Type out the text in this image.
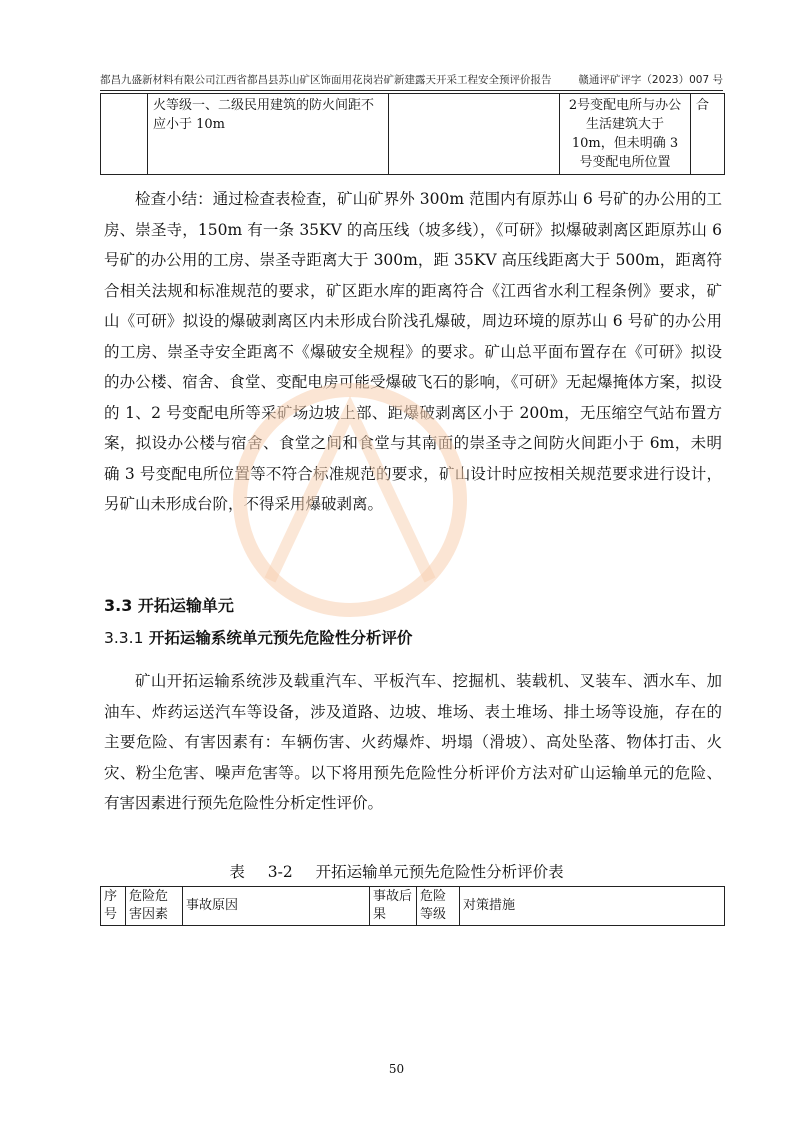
都昌九盛新材料有限公司江西省都昌县苏山矿区饰面用花岗岩矿新建露天开采工程安全预评价报告	赣通评矿评字（2023）007 号
	火等级一、二级民用建筑的防火间距不应小于 10m		2号变配电所与办公生活建筑大于 10m，但未明确 3 号变配电所位置	合
检查小结：通过检查表检查，矿山矿界外 300m 范围内有原苏山 6 号矿的办公用的工房、崇圣寺，150m 有一条 35KV 的高压线（坡多线），《可研》拟爆破剥离区距原苏山 6 号矿的办公用的工房、崇圣寺距离大于 300m，距 35KV 高压线距离大于 500m，距离符合相关法规和标准规范的要求，矿区距水库的距离符合《江西省水利工程条例》要求，矿山《可研》拟设的爆破剥离区内未形成台阶浅孔爆破，周边环境的原苏山 6 号矿的办公用的工房、崇圣寺安全距离不《爆破安全规程》的要求。矿山总平面布置存在《可研》拟设的办公楼、宿舍、食堂、变配电房可能受爆破飞石的影响，《可研》无起爆掩体方案，拟设的 1、2 号变配电所等采矿场边坡上部、距爆破剥离区小于 200m，无压缩空气站布置方案，拟设办公楼与宿舍、食堂之间和食堂与其南面的崇圣寺之间防火间距小于 6m，未明确 3 号变配电所位置等不符合标准规范的要求，矿山设计时应按相关规范要求进行设计，另矿山未形成台阶，不得采用爆破剥离。
3.3 开拓运输单元
3.3.1 开拓运输系统单元预先危险性分析评价
矿山开拓运输系统涉及载重汽车、平板汽车、挖掘机、装载机、叉装车、洒水车、加油车、炸药运送汽车等设备，涉及道路、边坡、堆场、表土堆场、排土场等设施，存在的主要危险、有害因素有：车辆伤害、火药爆炸、坍塌（滑坡）、高处坠落、物体打击、火灾、粉尘危害、噪声危害等。以下将用预先危险性分析评价方法对矿山运输单元的危险、有害因素进行预先危险性分析定性评价。
表 3-2 开拓运输单元预先危险性分析评价表
序号	危险危害因素	事故原因	事故后果	危险等级	对策措施
50
